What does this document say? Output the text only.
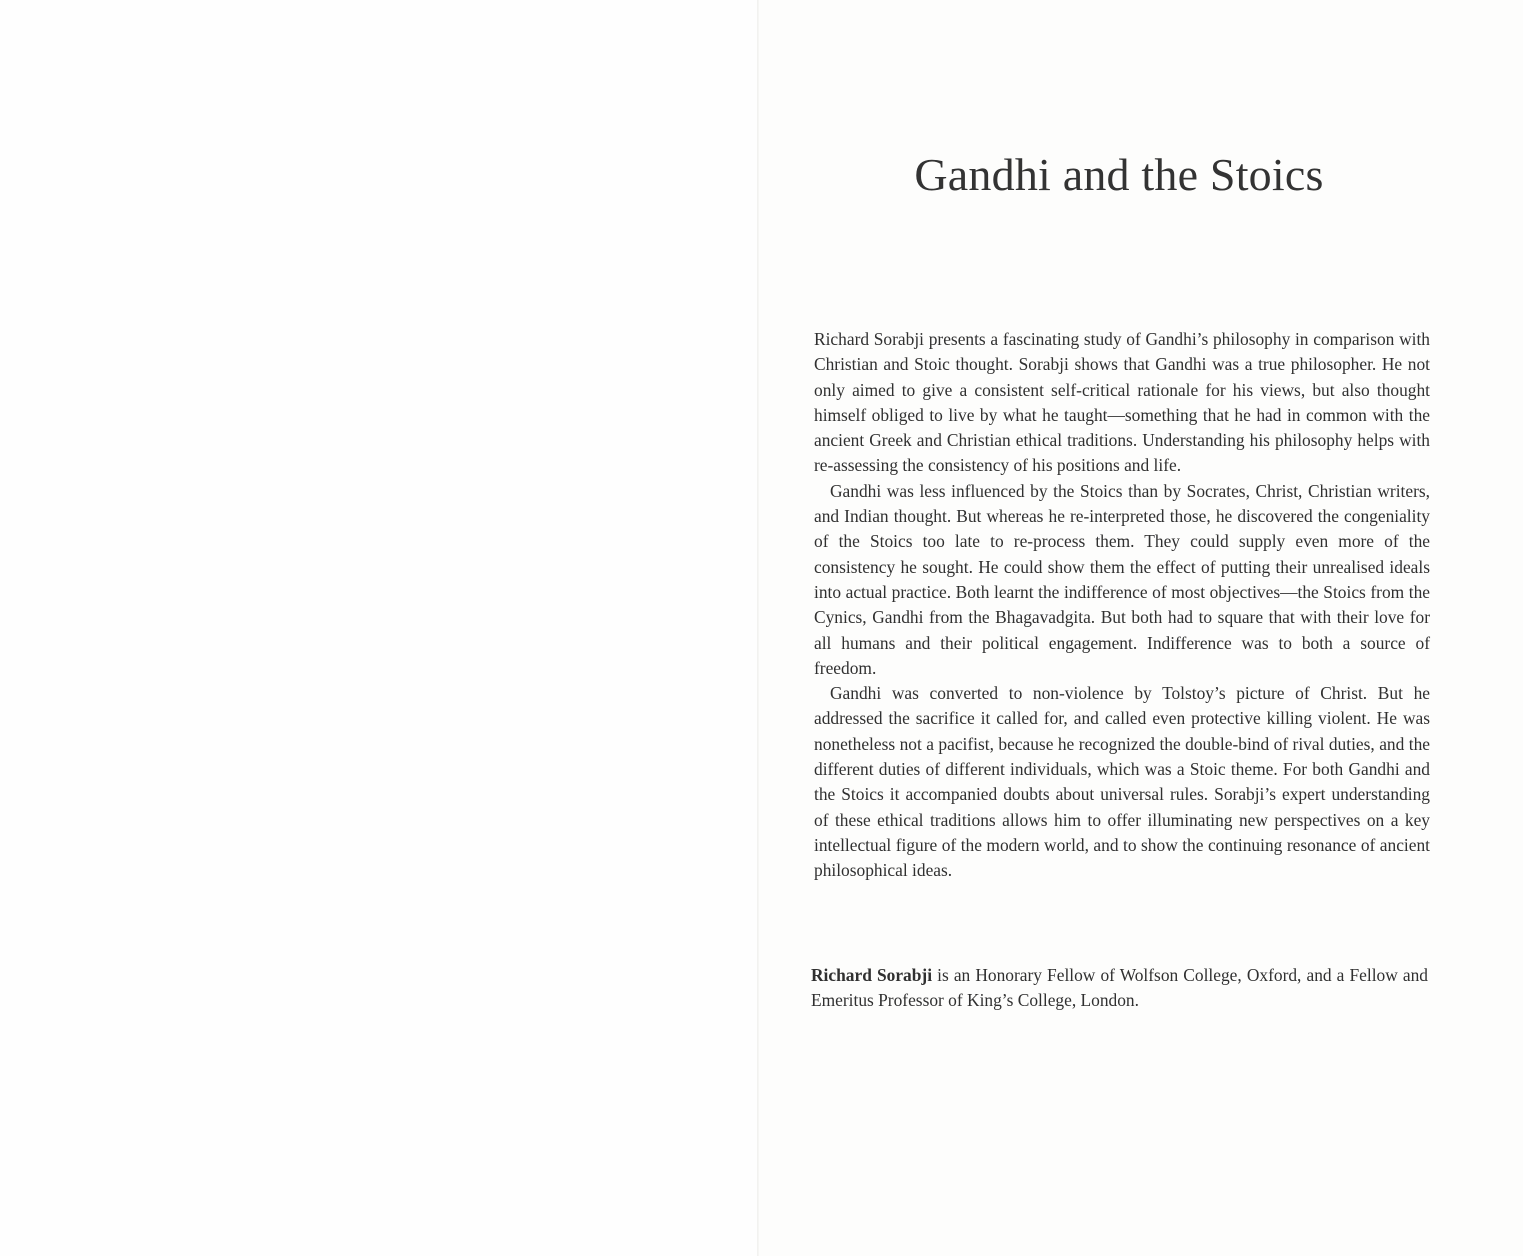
Gandhi and the Stoics

Richard Sorabji presents a fascinating study of Gandhi’s philosophy in comparison with Christian and Stoic thought. Sorabji shows that Gandhi was a true philosopher. He not only aimed to give a consistent self-critical rationale for his views, but also thought himself obliged to live by what he taught—something that he had in common with the ancient Greek and Christian ethical traditions. Understanding his philosophy helps with re-assessing the consistency of his positions and life.

Gandhi was less influenced by the Stoics than by Socrates, Christ, Christian writers, and Indian thought. But whereas he re-interpreted those, he discovered the congeniality of the Stoics too late to re-process them. They could supply even more of the consistency he sought. He could show them the effect of putting their unrealised ideals into actual practice. Both learnt the indifference of most objectives—the Stoics from the Cynics, Gandhi from the Bhagavadgita. But both had to square that with their love for all humans and their political engagement. Indifference was to both a source of freedom.

Gandhi was converted to non-violence by Tolstoy’s picture of Christ. But he addressed the sacrifice it called for, and called even protective killing violent. He was nonetheless not a pacifist, because he recognized the double-bind of rival duties, and the different duties of different individuals, which was a Stoic theme. For both Gandhi and the Stoics it accompanied doubts about universal rules. Sorabji’s expert understanding of these ethical traditions allows him to offer illuminating new perspectives on a key intellectual figure of the modern world, and to show the continuing resonance of ancient philosophical ideas.

Richard Sorabji is an Honorary Fellow of Wolfson College, Oxford, and a Fellow and Emeritus Professor of King’s College, London.
